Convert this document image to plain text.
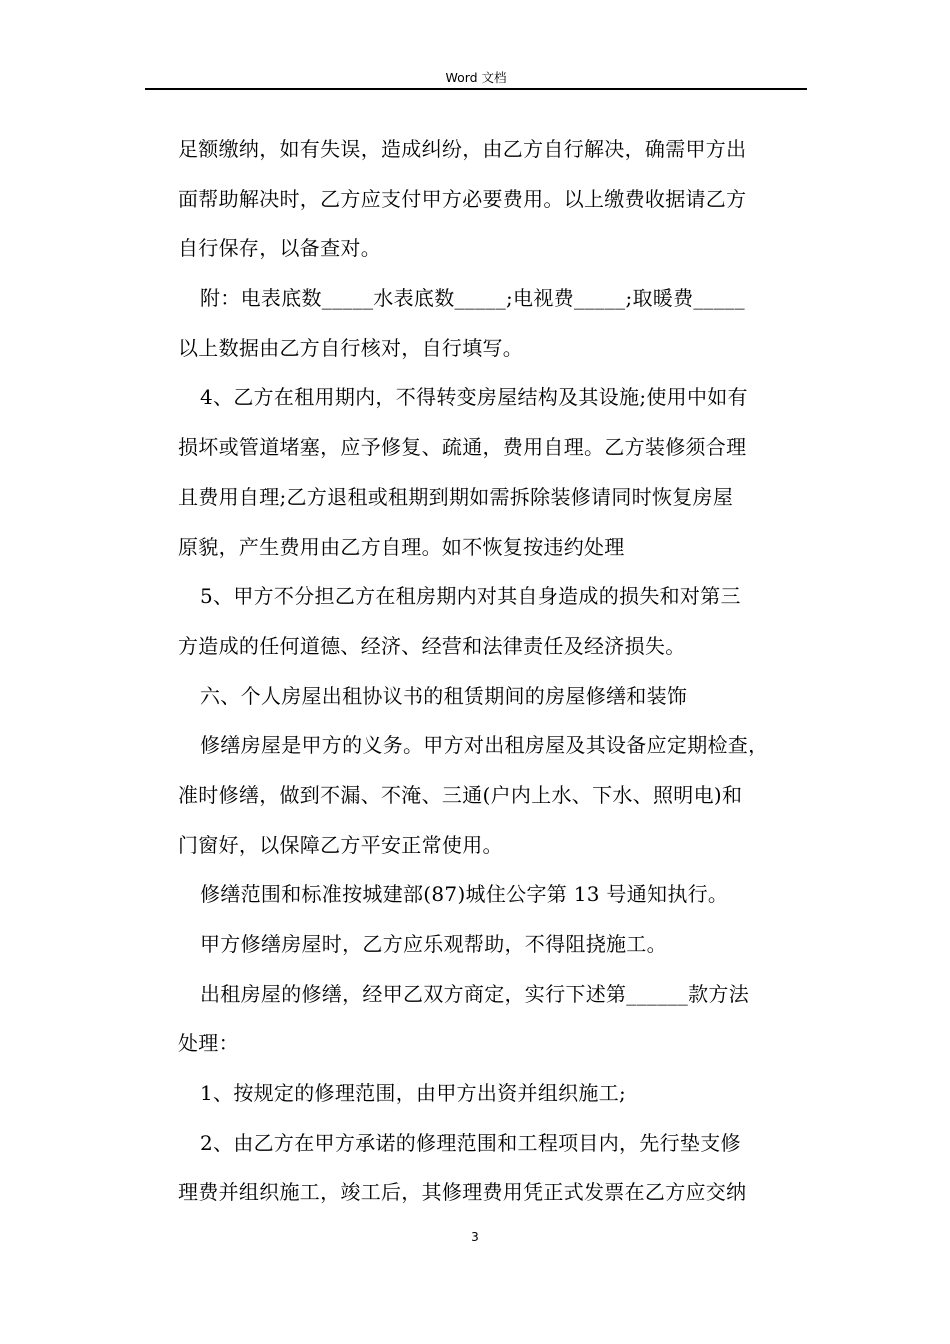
Word 文档
足额缴纳，如有失误，造成纠纷，由乙方自行解决，确需甲方出
面帮助解决时，乙方应支付甲方必要费用。以上缴费收据请乙方
自行保存，以备查对。
附：电表底数_____水表底数_____;电视费_____;取暖费_____
以上数据由乙方自行核对，自行填写。
4、乙方在租用期内，不得转变房屋结构及其设施;使用中如有
损坏或管道堵塞，应予修复、疏通，费用自理。乙方装修须合理
且费用自理;乙方退租或租期到期如需拆除装修请同时恢复房屋
原貌，产生费用由乙方自理。如不恢复按违约处理
5、甲方不分担乙方在租房期内对其自身造成的损失和对第三
方造成的任何道德、经济、经营和法律责任及经济损失。
六、个人房屋出租协议书的租赁期间的房屋修缮和装饰
修缮房屋是甲方的义务。甲方对出租房屋及其设备应定期检查，
准时修缮，做到不漏、不淹、三通(户内上水、下水、照明电)和
门窗好，以保障乙方平安正常使用。
修缮范围和标准按城建部(87)城住公字第 13 号通知执行。
甲方修缮房屋时，乙方应乐观帮助，不得阻挠施工。
出租房屋的修缮，经甲乙双方商定，实行下述第______款方法
处理：
1、按规定的修理范围，由甲方出资并组织施工;
2、由乙方在甲方承诺的修理范围和工程项目内，先行垫支修
理费并组织施工，竣工后，其修理费用凭正式发票在乙方应交纳
3
